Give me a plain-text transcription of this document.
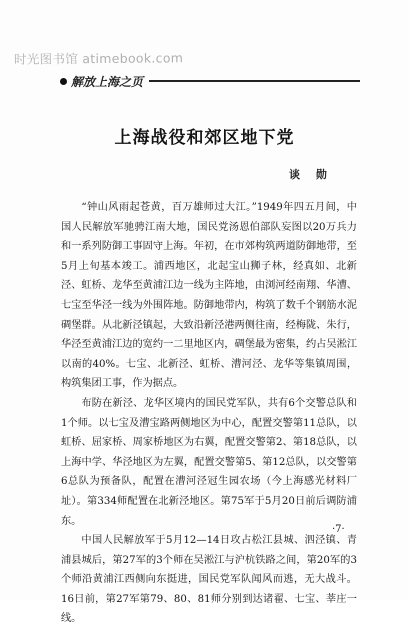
时光图书馆 atimebook.com
解放上海之页
上海战役和郊区地下党
谈 勋

“钟山风雨起苍黄，百万雄师过大江。”1949年四五月间，中国人民解放军驰骋江南大地，国民党汤恩伯部队妄图以20万兵力和一系列防御工事固守上海。年初，在市郊构筑两道防御地带，至5月上旬基本竣工。浦西地区，北起宝山狮子林，经真如、北新泾、虹桥、龙华至黄浦江边一线为主阵地，由浏河经南翔、华漕、七宝至华泾一线为外围阵地。防御地带内，构筑了数千个钢筋水泥碉堡群。从北新泾镇起，大致沿新泾港两侧往南，经梅陇、朱行，华泾至黄浦江边的宽约一二里地区内，碉堡最为密集，约占吴淞江以南的40%。七宝、北新泾、虹桥、漕河泾、龙华等集镇周围，构筑集团工事，作为据点。

布防在新泾、龙华区境内的国民党军队，共有6个交警总队和1个师。以七宝及漕宝路两侧地区为中心，配置交警第11总队，以虹桥、屈家桥、周家桥地区为右翼，配置交警第2、第18总队，以上海中学、华泾地区为左翼，配置交警第5、第12总队，以交警第6总队为预备队，配置在漕河泾冠生园农场（今上海感光材料厂址）。第334师配置在北新泾地区。第75军于5月20日前后调防浦东。

中国人民解放军于5月12—14日攻占松江县城、泗泾镇、青浦县城后，第27军的3个师在吴淞江与沪杭铁路之间，第20军的3个师沿黄浦江西侧向东挺进，国民党军队闻风而逃，无大战斗。16日前，第27军第79、80、81师分别到达诸翟、七宝、莘庄一线。

·7·
